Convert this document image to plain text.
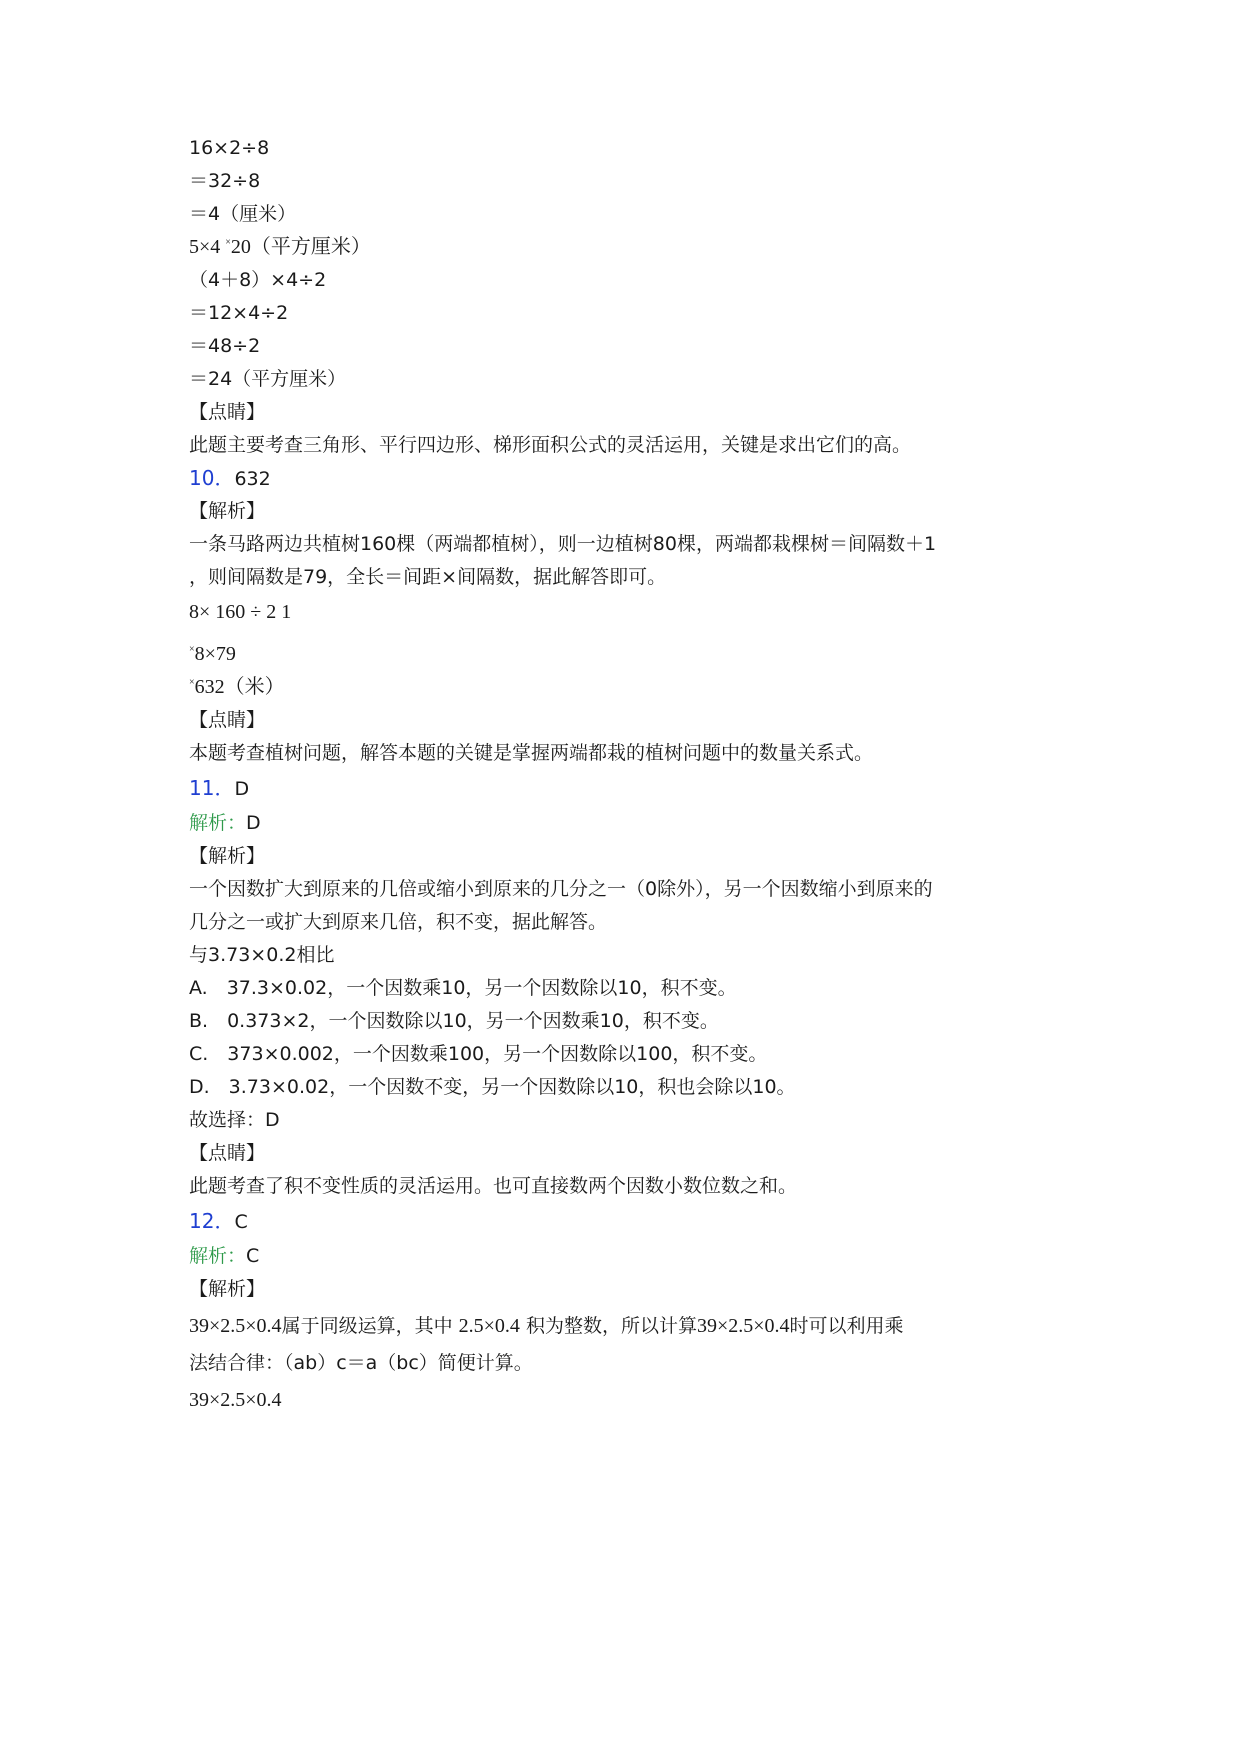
16×2÷8
＝32÷8
＝4（厘米）
5×4 ×20（平方厘米）
（4＋8）×4÷2
＝12×4÷2
＝48÷2
＝24（平方厘米）
【点睛】
此题主要考查三角形、平行四边形、梯形面积公式的灵活运用，关键是求出它们的高。
10．632
【解析】
一条马路两边共植树160棵（两端都植树），则一边植树80棵，两端都栽棵树＝间隔数＋1
，则间隔数是79，全长＝间距×间隔数，据此解答即可。
8× 160 ÷ 2 1
×8×79
×632（米）
【点睛】
本题考查植树问题，解答本题的关键是掌握两端都栽的植树问题中的数量关系式。
11．D
解析：D
【解析】
一个因数扩大到原来的几倍或缩小到原来的几分之一（0除外），另一个因数缩小到原来的
几分之一或扩大到原来几倍，积不变，据此解答。
与3.73×0.2相比
A.　37.3×0.02，一个因数乘10，另一个因数除以10，积不变。
B.　0.373×2，一个因数除以10，另一个因数乘10，积不变。
C.　373×0.002，一个因数乘100，另一个因数除以100，积不变。
D.　3.73×0.02，一个因数不变，另一个因数除以10，积也会除以10。
故选择：D
【点睛】
此题考查了积不变性质的灵活运用。也可直接数两个因数小数位数之和。
12．C
解析：C
【解析】
39×2.5×0.4属于同级运算，其中 2.5×0.4 积为整数，所以计算39×2.5×0.4时可以利用乘
法结合律：（ab）c＝a（bc）简便计算。
39×2.5×0.4
